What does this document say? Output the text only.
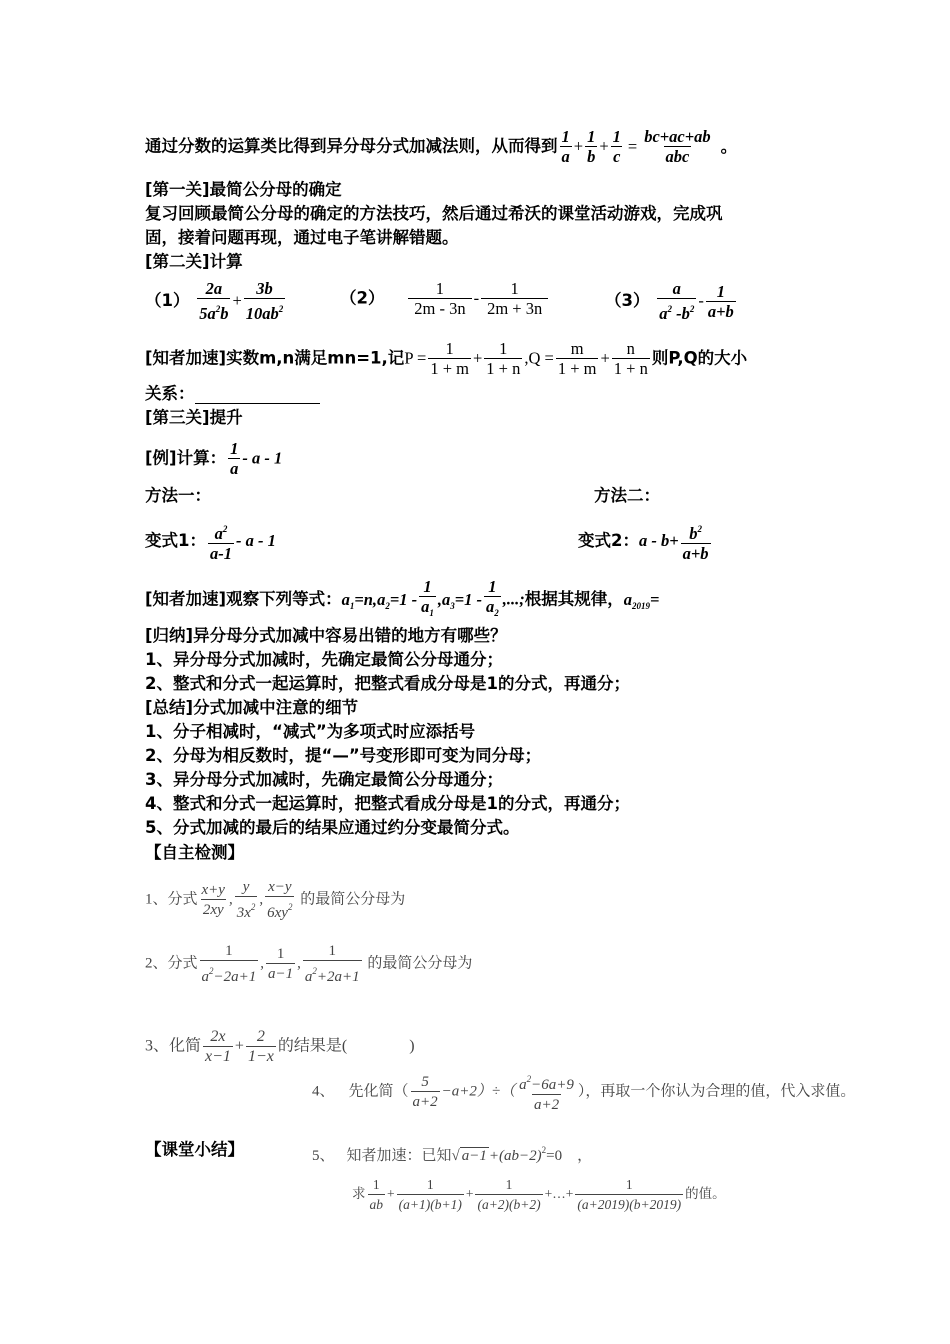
通过分数的运算类比得到异分母分式加减法则，从而得到 $\frac{1}{a} + \frac{1}{b} + \frac{1}{c} = bc+ac+ab$
abc
。
[第一关]最简公分母的确定
复习回顾最简公分母的确定的方法技巧，然后通过希沃的课堂活动游戏，完成巩
固，接着问题再现，通过电子笔讲解错题。
[第二关]计算
$(1) \frac{2a}{5a^2b} + \frac{3b}{10ab^2}$	$(2) \frac{1}{2m - 3n} - \frac{1}{2m + 3n}$	$(3) \frac{a}{a^2 -b^2} - \frac{1}{a+b}$
[知者加速]实数m,n满足mn=1,记$P = \frac{1}{1 + m} + \frac{1}{1 + n} ,Q = \frac{m}{1 + m} + \frac{n}{1 + n}$ 则P,Q的大小
关系：
[第三关]提升
[例]计算： $\frac{1}{a}$ - a - 1
方法一：	方法二：
变式1： $\frac{a^2}{a-1}$ - a - 1	变式2：$a - b+ \frac{b^2}{a+b}$
[知者加速]观察下列等式：$a_1=n,a_2=1 - \frac{1}{a_1} ,a_3=1 - \frac{1}{a_2}$ ,...;根据其规律，$a_{2019}=$
[归纳]异分母分式加减中容易出错的地方有哪些？
1、异分母分式加减时，先确定最简公分母通分；
2、整式和分式一起运算时，把整式看成分母是1的分式，再通分；
[总结]分式加减中注意的细节
1、分子相减时，“减式”为多项式时应添括号
2、分母为相反数时，提“—”号变形即可变为同分母；
3、异分母分式加减时，先确定最简公分母通分；
4、整式和分式一起运算时，把整式看成分母是1的分式，再通分；
5、分式加减的最后的结果应通过约分变最简分式。
【自主检测】
1、分式 $\frac{x+y}{2xy}$ , $\frac{y}{3x^2}$ , $\frac{x-y}{6xy^2}$ 的最简公分母为
2、分式 $\frac{1}{a^2-2a+1}$ , $\frac{1}{a-1}$ , $\frac{1}{a^2+2a+1}$ 的最简公分母为
3、化简 $\frac{2x}{x-1} + \frac{2}{1-x}$ 的结果是(	)
4、 先化简（ $\frac{5}{a+2} -a+2)\div( \frac{a^2-6a+9}{a+2}$ ），再取一个你认为合理的值，代入求值。
【课堂小结】	5、 知者加速：已知√ $a-1 +(ab-2)^2=0$　，
求 $\frac{1}{ab} + \frac{1}{(a+1)(b+1)} + \frac{1}{(a+2)(b+2)}$ +…+ $\frac{1}{(a+2019)(b+2019)}$ 的值。
